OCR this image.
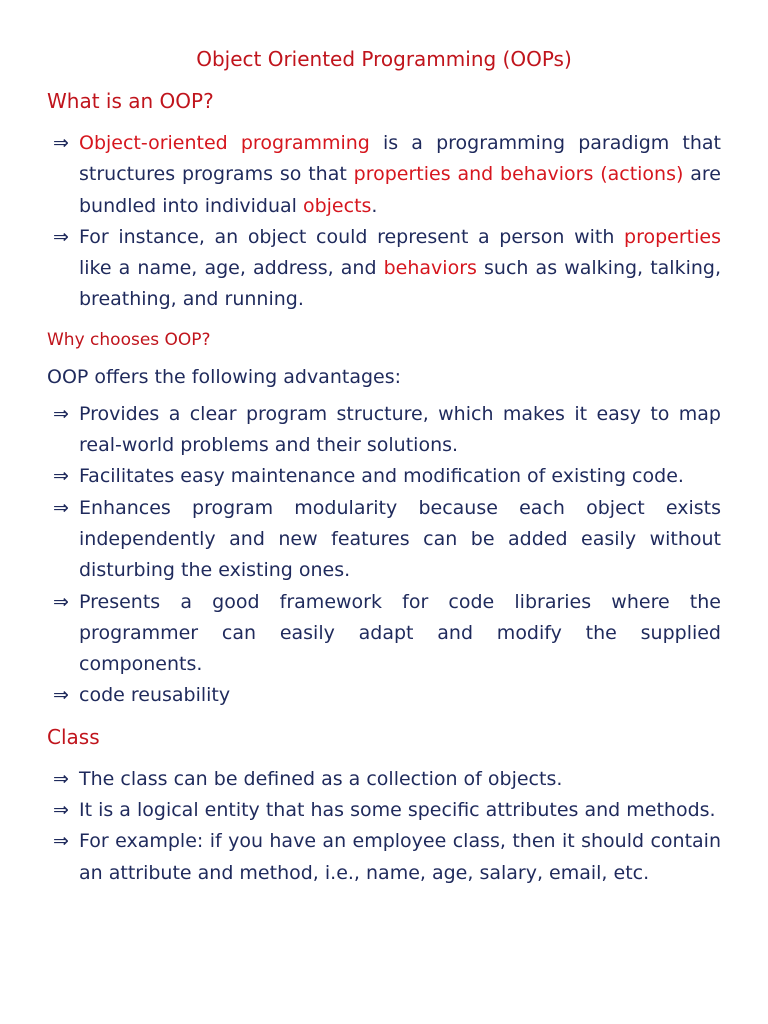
Object Oriented Programming (OOPs)
What is an OOP?
⇒ Object-oriented programming is a programming paradigm that structures programs so that properties and behaviors (actions) are bundled into individual objects.
⇒ For instance, an object could represent a person with properties like a name, age, address, and behaviors such as walking, talking, breathing, and running.
Why chooses OOP?

OOP offers the following advantages:

⇒ Provides a clear program structure, which makes it easy to map real-world problems and their solutions.
⇒ Facilitates easy maintenance and modification of existing code.
⇒ Enhances program modularity because each object exists independently and new features can be added easily without disturbing the existing ones.
⇒ Presents a good framework for code libraries where the programmer can easily adapt and modify the supplied components.
⇒ code reusability
Class
⇒ The class can be defined as a collection of objects.
⇒ It is a logical entity that has some specific attributes and methods.
⇒ For example: if you have an employee class, then it should contain an attribute and method, i.e., name, age, salary, email, etc.
